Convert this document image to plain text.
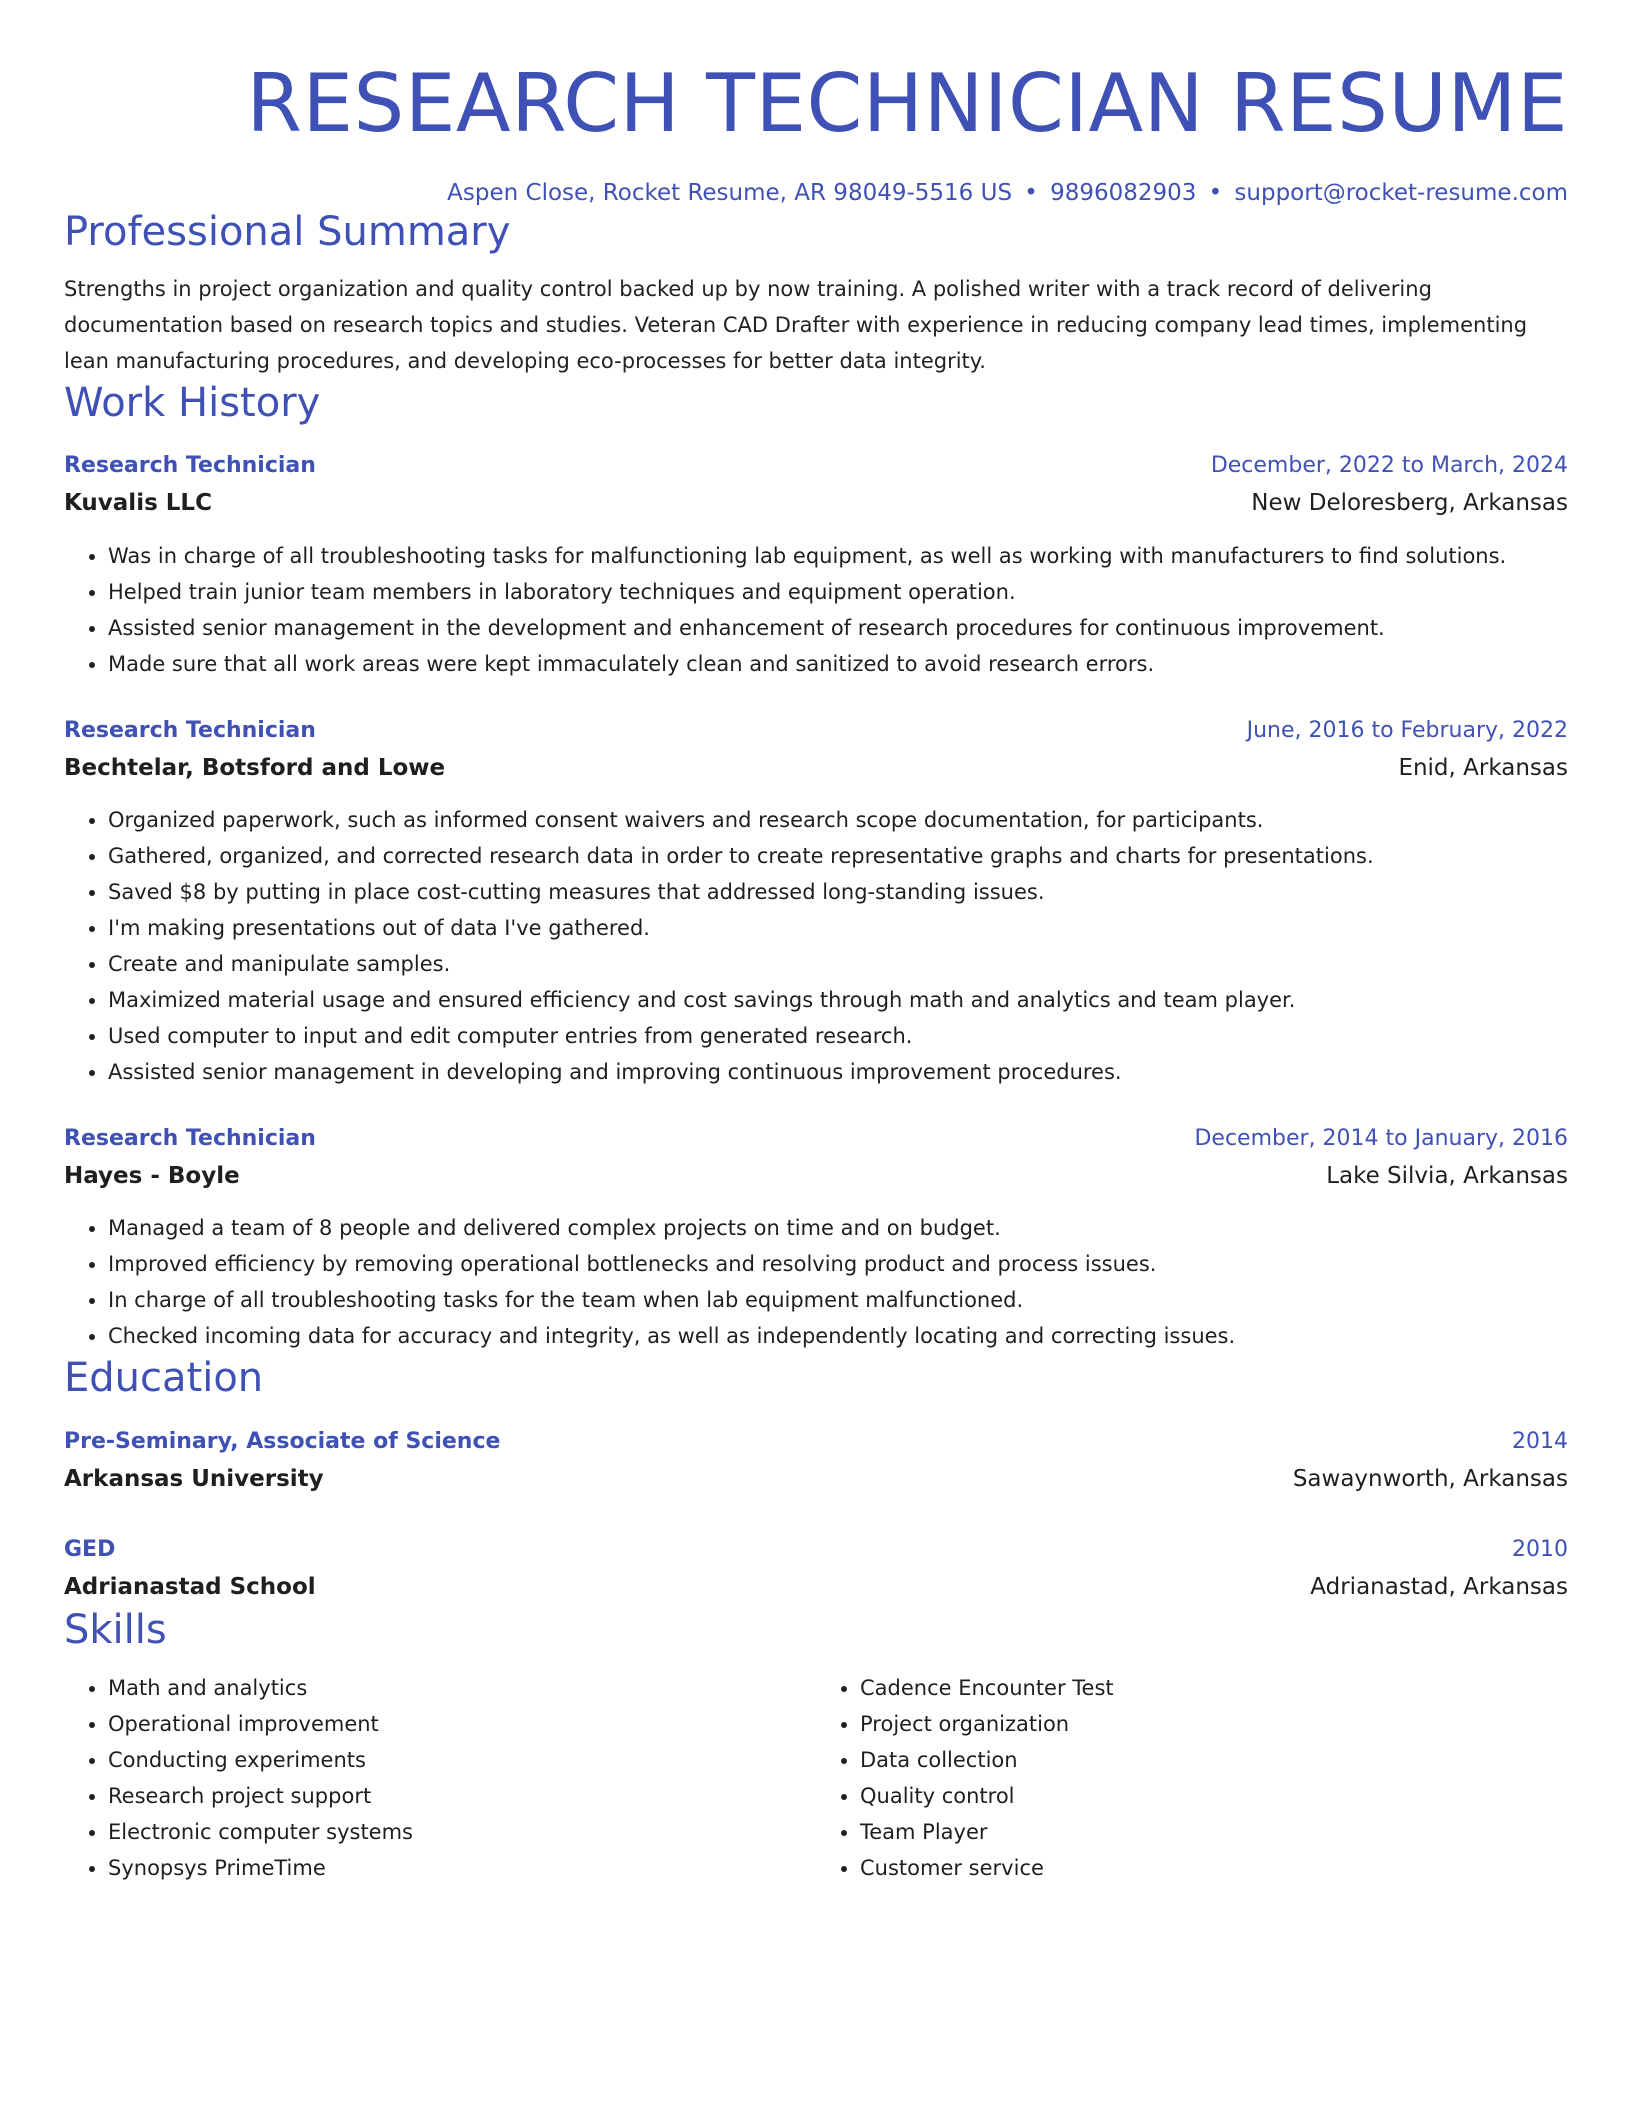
RESEARCH TECHNICIAN RESUME
Aspen Close, Rocket Resume, AR 98049-5516 US • 9896082903 • support@rocket-resume.com
Professional Summary
Strengths in project organization and quality control backed up by now training. A polished writer with a track record of delivering documentation based on research topics and studies. Veteran CAD Drafter with experience in reducing company lead times, implementing lean manufacturing procedures, and developing eco-processes for better data integrity.
Work History
Research Technician	December, 2022 to March, 2024
Kuvalis LLC	New Deloresberg, Arkansas
• Was in charge of all troubleshooting tasks for malfunctioning lab equipment, as well as working with manufacturers to find solutions.
• Helped train junior team members in laboratory techniques and equipment operation.
• Assisted senior management in the development and enhancement of research procedures for continuous improvement.
• Made sure that all work areas were kept immaculately clean and sanitized to avoid research errors.
Research Technician	June, 2016 to February, 2022
Bechtelar, Botsford and Lowe	Enid, Arkansas
• Organized paperwork, such as informed consent waivers and research scope documentation, for participants.
• Gathered, organized, and corrected research data in order to create representative graphs and charts for presentations.
• Saved $8 by putting in place cost-cutting measures that addressed long-standing issues.
• I'm making presentations out of data I've gathered.
• Create and manipulate samples.
• Maximized material usage and ensured efficiency and cost savings through math and analytics and team player.
• Used computer to input and edit computer entries from generated research.
• Assisted senior management in developing and improving continuous improvement procedures.
Research Technician	December, 2014 to January, 2016
Hayes - Boyle	Lake Silvia, Arkansas
• Managed a team of 8 people and delivered complex projects on time and on budget.
• Improved efficiency by removing operational bottlenecks and resolving product and process issues.
• In charge of all troubleshooting tasks for the team when lab equipment malfunctioned.
• Checked incoming data for accuracy and integrity, as well as independently locating and correcting issues.
Education
Pre-Seminary, Associate of Science	2014
Arkansas University	Sawaynworth, Arkansas
GED	2010
Adrianastad School	Adrianastad, Arkansas
Skills
• Math and analytics
• Operational improvement
• Conducting experiments
• Research project support
• Electronic computer systems
• Synopsys PrimeTime
• Cadence Encounter Test
• Project organization
• Data collection
• Quality control
• Team Player
• Customer service
